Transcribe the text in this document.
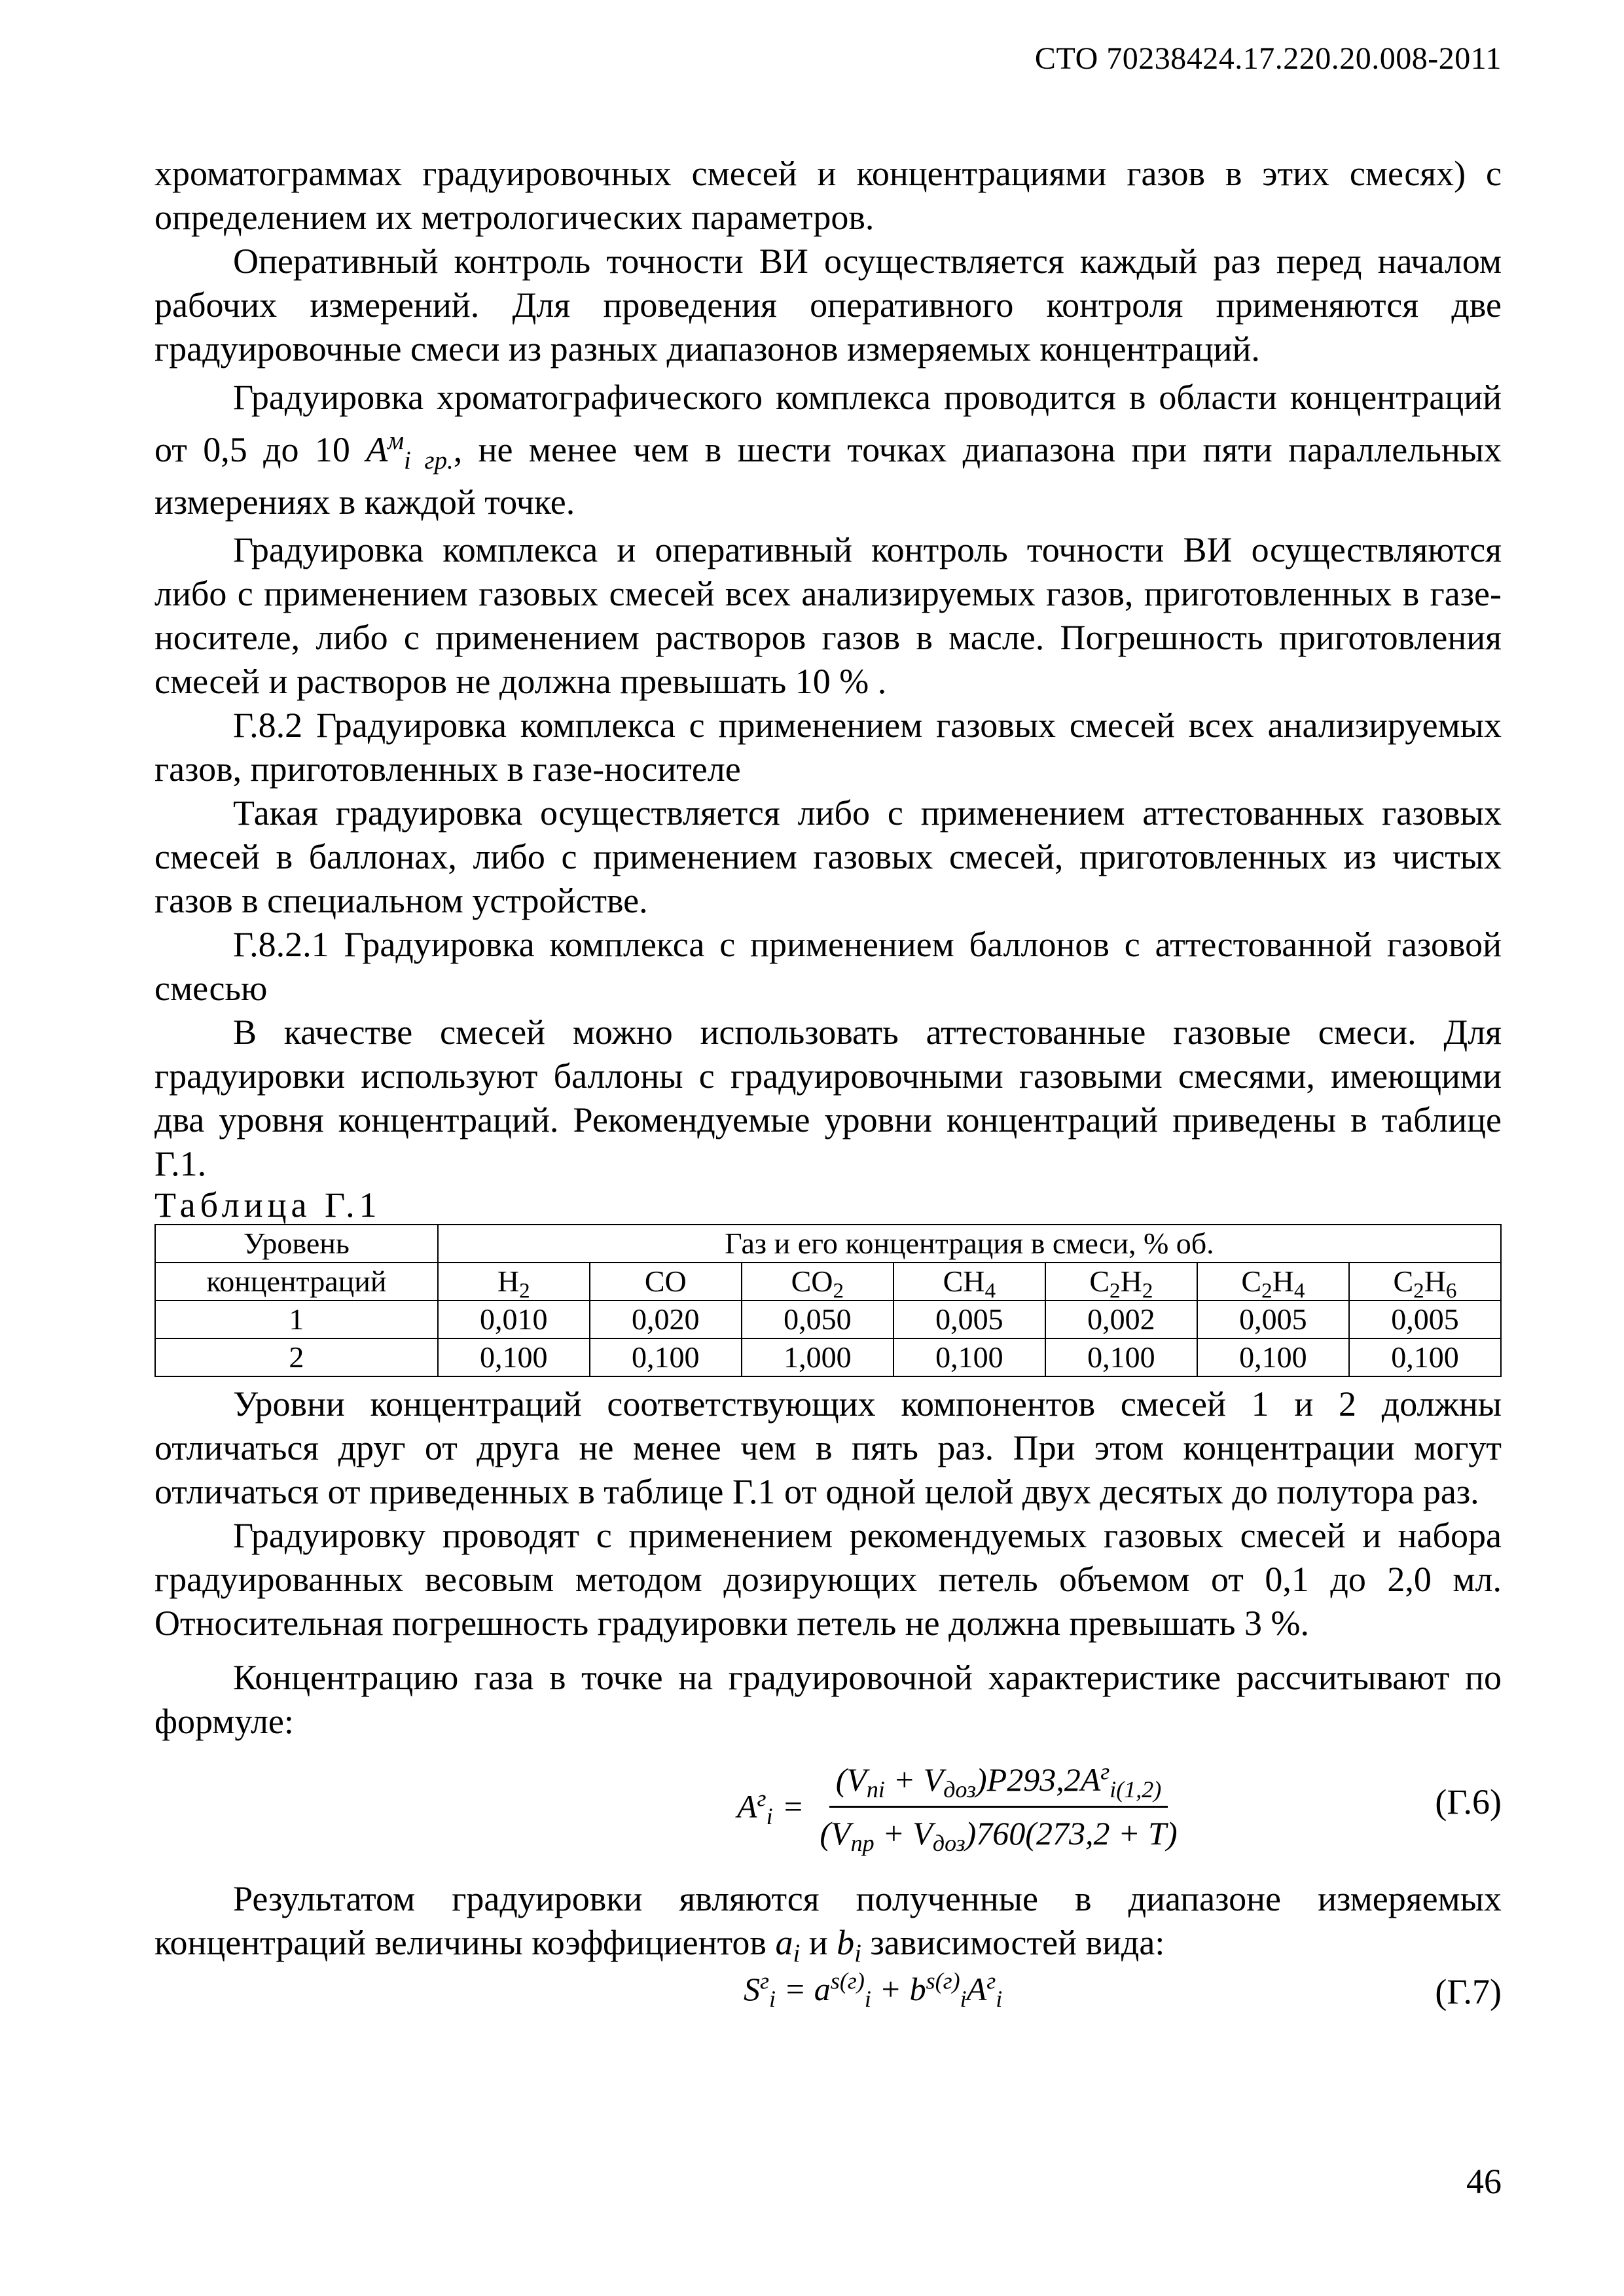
СТО 70238424.17.220.20.008-2011

хроматограммах градуировочных смесей и концентрациями газов в этих смесях) с определением их метрологических параметров.

Оперативный контроль точности ВИ осуществляется каждый раз перед началом рабочих измерений. Для проведения оперативного контроля применяются две градуировочные смеси из разных диапазонов измеряемых концентраций.

Градуировка хроматографического комплекса проводится в области концентраций от 0,5 до 10 $A^м_{i гр.}$, не менее чем в шести точках диапазона при пяти параллельных измерениях в каждой точке.

Градуировка комплекса и оперативный контроль точности ВИ осуществляются либо с применением газовых смесей всех анализируемых газов, приготовленных в газе-носителе, либо с применением растворов газов в масле. Погрешность приготовления смесей и растворов не должна превышать 10 % .

Г.8.2 Градуировка комплекса с применением газовых смесей всех анализируемых газов, приготовленных в газе-носителе

Такая градуировка осуществляется либо с применением аттестованных газовых смесей в баллонах, либо с применением газовых смесей, приготовленных из чистых газов в специальном устройстве.

Г.8.2.1 Градуировка комплекса с применением баллонов с аттестованной газовой смесью

В качестве смесей можно использовать аттестованные газовые смеси. Для градуировки используют баллоны с градуировочными газовыми смесями, имеющими два уровня концентраций. Рекомендуемые уровни концентраций приведены в таблице Г.1.

Таблица Г.1

Уровень	Газ и его концентрация в смеси, % об.						
концентраций	$H_2$	CO	$CO_2$	$CH_4$	$C_2H_2$	$C_2H_4$	$C_2H_6$
1	0,010	0,020	0,050	0,005	0,002	0,005	0,005
2	0,100	0,100	1,000	0,100	0,100	0,100	0,100

Уровни концентраций соответствующих компонентов смесей 1 и 2 должны отличаться друг от друга не менее чем в пять раз. При этом концентрации могут отличаться от приведенных в таблице Г.1 от одной целой двух десятых до полутора раз.

Градуировку проводят с применением рекомендуемых газовых смесей и набора градуированных весовым методом дозирующих петель объемом от 0,1 до 2,0 мл. Относительная погрешность градуировки петель не должна превышать 3 %.

Концентрацию газа в точке на градуировочной характеристике рассчитывают по формуле:

$A^г_i = \frac{(V_{ni} + V_{доз})P293,2A^г_{i(1,2)}}{(V_{пр} + V_{доз})760(273,2 + T)}$	(Г.6)

Результатом градуировки являются полученные в диапазоне измеряемых концентраций величины коэффициентов $a_i$ и $b_i$ зависимостей вида:

$S^г_i = a^{s(г)}_i + b^{s(г)}_iA^г_i$	(Г.7)
46
